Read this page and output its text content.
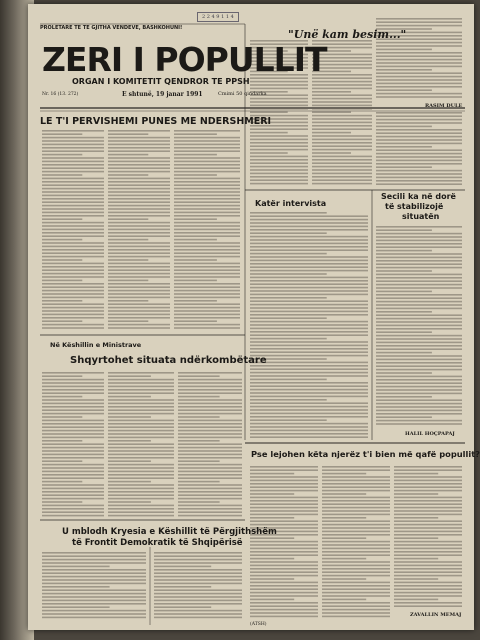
2 2 4 9 1 1 4
PROLETARE TE TE GJITHA VENDEVE, BASHKOHUNI!
ZERI I POPULLIT
ORGAN I KOMITETIT QENDROR TE PPSH
Nr. 16 (13. 272)	E shtunë, 19 janar 1991	Cmimi 50 qindarka
LE T'I PERVISHEMI PUNES ME NDERSHMERI
"Unë kam besim..."
RASIM DULE
Katër intervista
Secili ka në dorë
të stabilizojë
situatën
HALIL HOÇPAPAJ
Në Këshillin e Ministrave
Shqyrtohet situata ndërkombëtare
Pse lejohen këta njerëz t'i bien më qafë popullit?
ZAVALLIN MEMAJ
U mblodh Kryesia e Këshillit të Përgjithshëm
të Frontit Demokratik të Shqipërisë
(ATSH)
